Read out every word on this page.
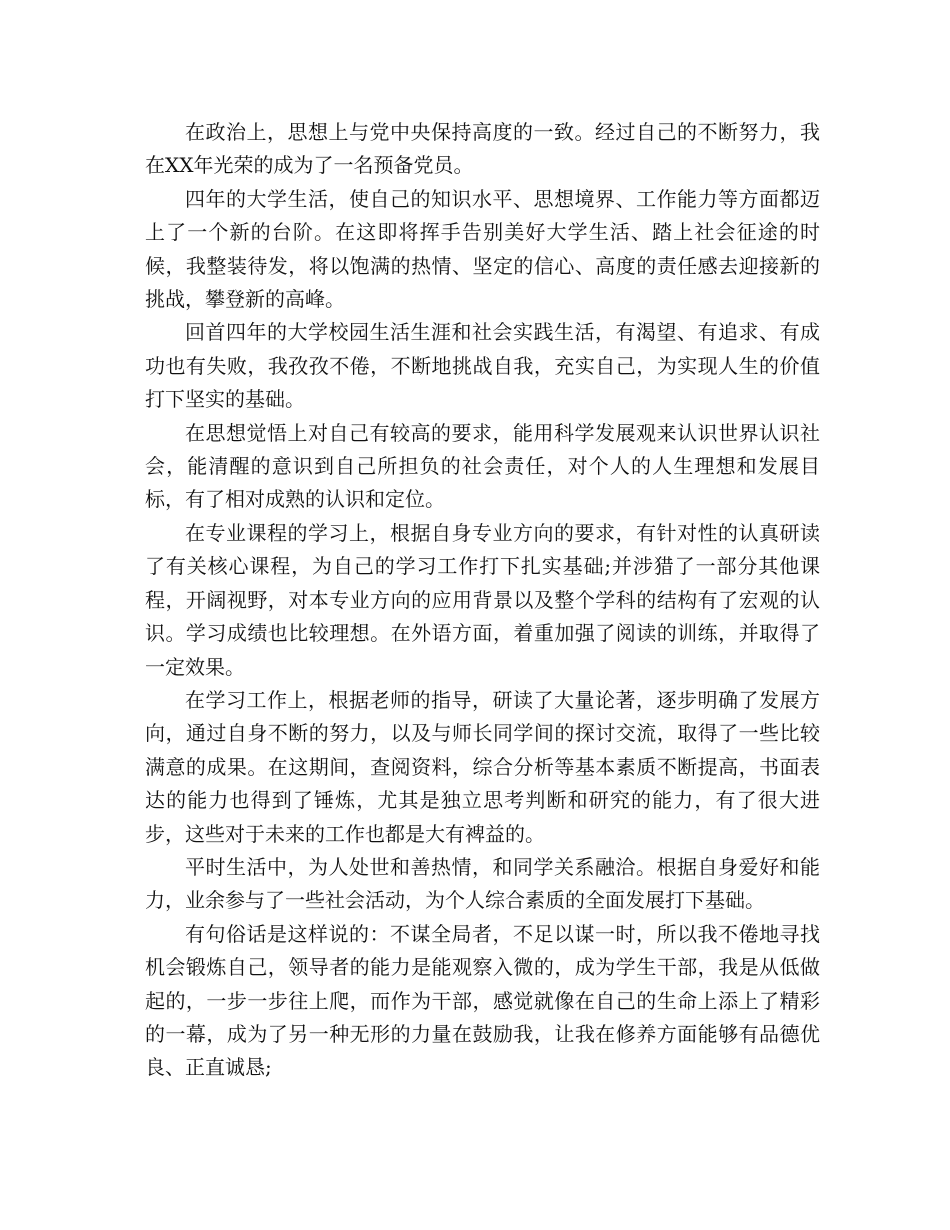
在政治上，思想上与党中央保持高度的一致。经过自己的不断努力，我在XX年光荣的成为了一名预备党员。

四年的大学生活，使自己的知识水平、思想境界、工作能力等方面都迈上了一个新的台阶。在这即将挥手告别美好大学生活、踏上社会征途的时候，我整装待发，将以饱满的热情、坚定的信心、高度的责任感去迎接新的挑战，攀登新的高峰。

回首四年的大学校园生活生涯和社会实践生活，有渴望、有追求、有成功也有失败，我孜孜不倦，不断地挑战自我，充实自己，为实现人生的价值打下坚实的基础。

在思想觉悟上对自己有较高的要求，能用科学发展观来认识世界认识社会，能清醒的意识到自己所担负的社会责任，对个人的人生理想和发展目标，有了相对成熟的认识和定位。

在专业课程的学习上，根据自身专业方向的要求，有针对性的认真研读了有关核心课程，为自己的学习工作打下扎实基础;并涉猎了一部分其他课程，开阔视野，对本专业方向的应用背景以及整个学科的结构有了宏观的认识。学习成绩也比较理想。在外语方面，着重加强了阅读的训练，并取得了一定效果。

在学习工作上，根据老师的指导，研读了大量论著，逐步明确了发展方向，通过自身不断的努力，以及与师长同学间的探讨交流，取得了一些比较满意的成果。在这期间，查阅资料，综合分析等基本素质不断提高，书面表达的能力也得到了锤炼，尤其是独立思考判断和研究的能力，有了很大进步，这些对于未来的工作也都是大有裨益的。

平时生活中，为人处世和善热情，和同学关系融洽。根据自身爱好和能力，业余参与了一些社会活动，为个人综合素质的全面发展打下基础。

有句俗话是这样说的：不谋全局者，不足以谋一时，所以我不倦地寻找机会锻炼自己，领导者的能力是能观察入微的，成为学生干部，我是从低做起的，一步一步往上爬，而作为干部，感觉就像在自己的生命上添上了精彩的一幕，成为了另一种无形的力量在鼓励我，让我在修养方面能够有品德优良、正直诚恳;
